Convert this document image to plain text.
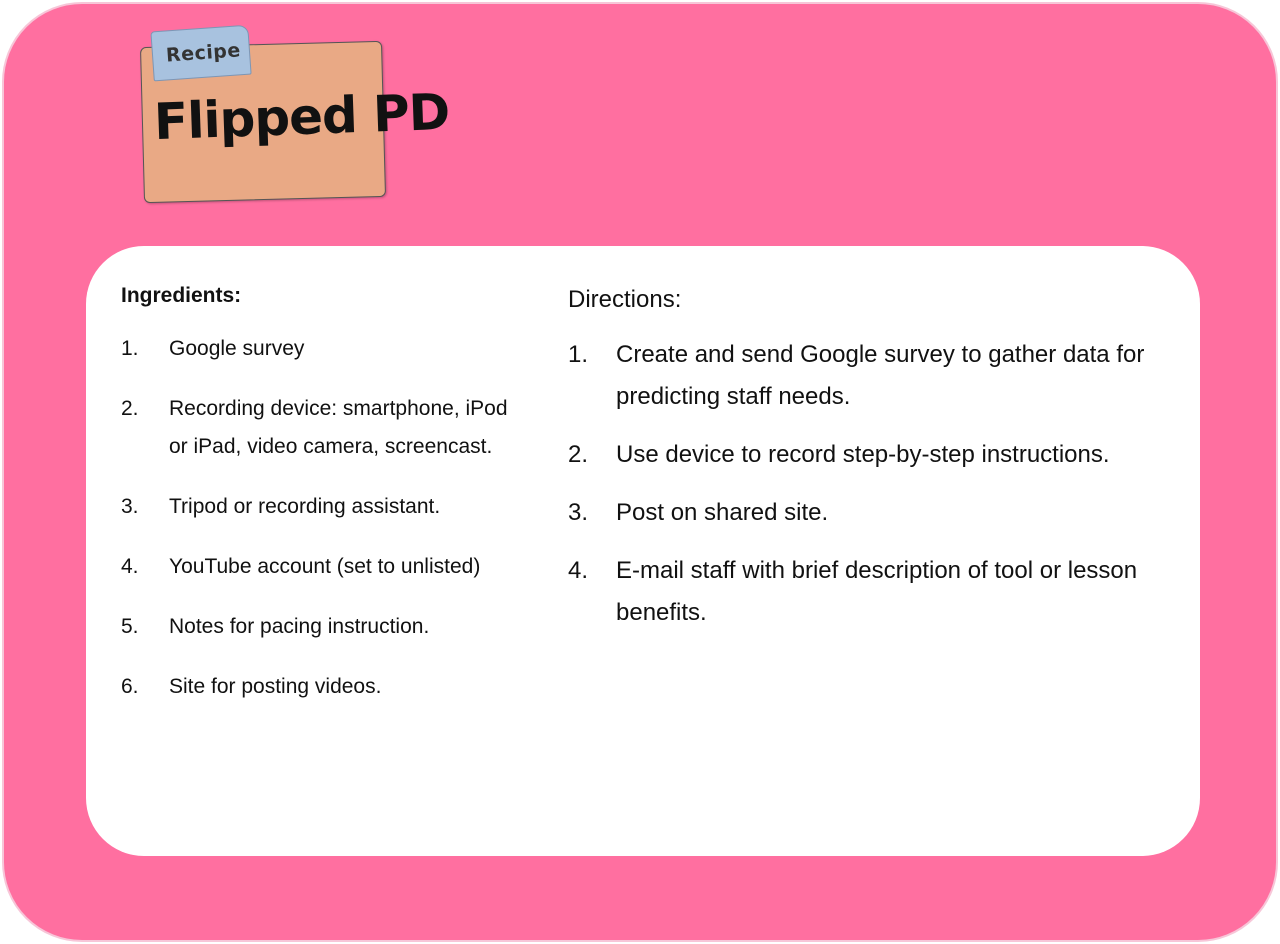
Recipe
Flipped PD
Ingredients:
1.	Google survey
2.	Recording device: smartphone, iPod or iPad, video camera, screencast.
3.	Tripod or recording assistant.
4.	YouTube account (set to unlisted)
5.	Notes for pacing instruction.
6.	Site for posting videos.
Directions:
1.	Create and send Google survey to gather data for predicting staff needs.
2.	Use device to record step-by-step instructions.
3.	Post on shared site.
4.	E-mail staff with brief description of tool or lesson benefits.
